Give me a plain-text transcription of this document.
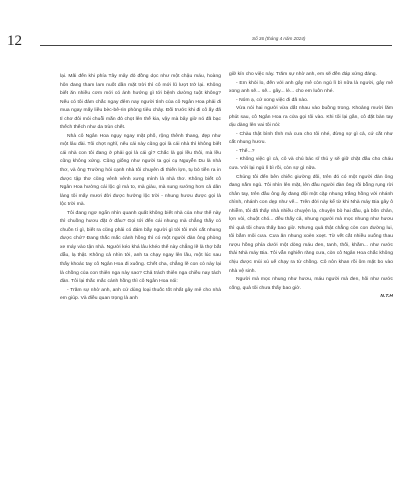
12	Số 36 (tháng 4 năm 2024)

lại. Mãi đến khi phía Tây mây đỏ đồng dọc như một chậu máu, hoàng hôn đang tham lam nuốt dần mặt trời thì cô mới lũ lượt trở lại. Không biết ăn nhiều cơm mới có ánh hướng gì tới bệnh dường tuột không? Nếu có tôi đảm chắc ngay đêm nay người tình của cô Ngân Hoa phải đi mua ngay mấy liều bèc-bê-rin phòng tiêu chảy. Đối trước khi đi cô ấy đã tỉ chơ đôi mói chuỗi mắn đỏ chọt lên thế kia, vậy mà bây giờ nó đã bạc thếch thếch như da trùn chết.

Nhà cô Ngân Hoa ngụy ngay mặt phố, rộng thênh thang, đẹp như một lâu đài. Tôi chợt nghĩ, nếu cái này cũng gọi là cái nhà thì không biết cái nhà con tôi đang ở phải gọi là cái gì? Chắc là gọi lều thôi, mà lều cũng không xứng. Cũng giống như người ta gọi cụ Nguyễn Du là nhà thơ, và ông Trường hói cạnh nhà tôi chuyên đi thiến lợn, tụ bỏ tiền ra in được tập thơ cũng vênh vênh xưng mình là nhà thơ. Không biết cô Ngân Hoa hưởng cái lộc gì mà to, mà giàu, mà sung sướng hơn cả dân làng tôi mấy mươi đời được hưởng lộc trời - nhung hươu được gọi là lộc trời mà.

Tôi đang ngơ ngẩn nhìn quanh quất không biết nhà của như thế này thì chuồng hươu đặt ở đâu? Gọi tới đến cái nhung mà chẳng thấy có chuồn tí gì, biết ra cũng phải có đám bầy người gì tới tôi mới cắt nhung được chứ? Đang thắc mắc cảnh hồng thì có một người đàn ông phòng xe máy vào tận nhà. Người kéo khá lâu khéo thế này chẳng lẽ là thợ bắt dẫu, lạ thật. Không cả nhìn tới, anh ta chạy ngay lên lầu, một lúc sau thấy khoác tay cô Ngân Hoa đi xuống. Chết cha, chẳng lẽ con cò này lại là chồng của con thiên nga này sao? Chả trách thiên nga chiều nay tách đàn. Tôi lại thắc mắc cánh hồng thì cô Ngân Hoa nói:

- Trăm sự nhờ anh, anh cứ dùng loại thuốc tốt nhất gây mê cho nhà em giúp. Và điều quan trọng là anh

giữ kín cho việc này. Trăm sự nhờ anh, em sẽ đền đáp xứng đáng.

- Em khỏi lo, đến với anh gây mê còn ngủ lì bì nữa là người, gây mê xong anh sẽ... sẽ... gây... lè... cho em luôn nhé.

- Nóm ạ, cứ xong việc đi đã nào.

Vừa nói hai người vừa dắt nhau vào buồng trong. Khoảng mười lăm phút sau, cô Ngân Hoa ra cửa gọi tôi vào. Khi tôi lại gần, cô đặt bàn tay dịu dàng lên vai tôi nói:

- Chàu thật bình tĩnh mà cưa cho tôi nhé, đừng sợ gì cả, cứ cắt như cắt nhung hươu.

- Thế...?

- Không việc gì cả, cô và chú bác sĩ thú y sẽ giữ chặt đầu cho cháu cưa. Với lại ngủ lì bì rồi, còn sợ gì nữa.

Chúng tôi đến bên chiếc giường đôi, trên đó có một người đàn ông đang nằm ngủ. Tôi nhìn lên mặt, lên đầu người đàn ông rồi bỗng rụng rời chân tay, trên đầu ông ấy đang đội một cặp nhung trắng hồng với nhánh chình, nhánh con dẹp như vế... Trên đời này kể từ khi Nhà máy Bia gây ô nhiễm, tôi đã thấy nhà nhiều chuyện lạ, chuyện bò hai đầu, gà bốn chân, lợn vòi, chuột chó... đều thấy cả, nhung người mà mọc nhung như hươu thì quả tôi chưa thấy bao giờ. Nhưng quả thật chẳng còn con đường lui, tôi bắm môi cưa. Cưa ăn nhung xoèn xoẹt. Từ vết cắt nhiều xuống thau rượu hồng phía dưới một dòng máu đen, tanh, thối, khắm... như nước thải Nhà máy Bia. Tôi vẫn nghiến răng cưa, còn cô Ngân Hoa chắc không chịu được mùi xú uế chạy ra từ chồng. Cô nôn khan rồi ôm mặt bo vào nhà vệ sinh.

Người mà mọc nhung như hươu, máu người mà đen, hôi như nước cống, quả tôi chưa thấy bao giờ.

N.T.H
